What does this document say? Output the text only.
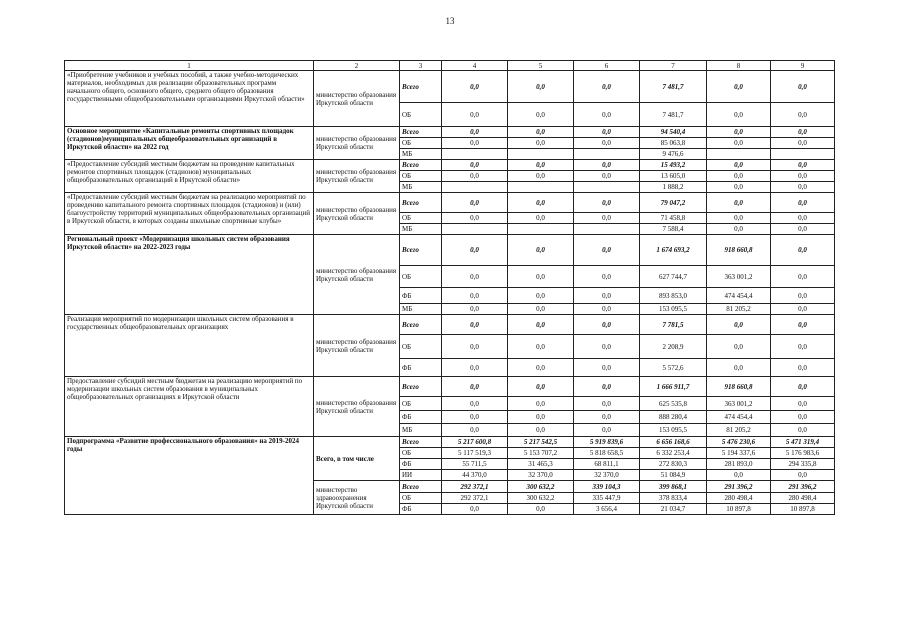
13
1	2	3	4	5	6	7	8	9
«Приобретение учебников и учебных пособий, а также учебно-методических материалов, необходимых для реализации образовательных программ начального общего, основного общего, среднего общего образования государственными общеобразовательными организациями Иркутской области»	министерство образования Иркутской области	Всего	0,0	0,0	0,0	7 481,7	0,0	0,0
		ОБ	0,0	0,0	0,0	7 481,7	0,0	0,0
Основное мероприятие «Капитальные ремонты спортивных площадок (стадионов)муниципальных общеобразовательных организаций в Иркутской области» на 2022 год	министерство образования Иркутской области	Всего	0,0	0,0	0,0	94 540,4	0,0	0,0
		ОБ	0,0	0,0	0,0	85 063,8	0,0	0,0
		МБ				9 476,6		
«Предоставление субсидий местным бюджетам на проведение капитальных ремонтов спортивных площадок (стадионов) муниципальных общеобразовательных организаций в Иркутской области»	министерство образования Иркутской области	Всего	0,0	0,0	0,0	15 493,2	0,0	0,0
		ОБ	0,0	0,0	0,0	13 605,0	0,0	0,0
		МБ				1 888,2	0,0	0,0
«Предоставление субсидий местным бюджетам на реализацию мероприятий по проведению капитального ремонта спортивных площадок (стадионов) и (или) благоустройству территорий муниципальных общеобразовательных организаций в Иркутской области, в которых созданы школьные спортивные клубы»	министерство образования Иркутской области	Всего	0,0	0,0	0,0	79 047,2	0,0	0,0
		ОБ	0,0	0,0	0,0	71 458,8	0,0	0,0
		МБ				7 588,4	0,0	0,0
Региональный проект «Модернизация школьных систем образования Иркутской области» на 2022-2023 годы	министерство образования Иркутской области	Всего	0,0	0,0	0,0	1 674 693,2	918 660,8	0,0
		ОБ	0,0	0,0	0,0	627 744,7	363 001,2	0,0
		ФБ	0,0	0,0	0,0	893 853,0	474 454,4	0,0
		МБ	0,0	0,0	0,0	153 095,5	81 205,2	0,0
Реализация мероприятий по модернизации школьных систем образования в государственных общеобразовательных организациях	министерство образования Иркутской области	Всего	0,0	0,0	0,0	7 781,5	0,0	0,0
		ОБ	0,0	0,0	0,0	2 208,9	0,0	0,0
		ФБ	0,0	0,0	0,0	5 572,6	0,0	0,0
Предоставление субсидий местным бюджетам на реализацию мероприятий по модернизации школьных систем образования в муниципальных общеобразовательных организациях в Иркутской области	министерство образования Иркутской области	Всего	0,0	0,0	0,0	1 666 911,7	918 660,8	0,0
		ОБ	0,0	0,0	0,0	625 535,8	363 001,2	0,0
		ФБ	0,0	0,0	0,0	888 280,4	474 454,4	0,0
		МБ	0,0	0,0	0,0	153 095,5	81 205,2	0,0
Подпрограмма «Развитие профессионального образования» на 2019-2024 годы	Всего, в том числе	Всего	5 217 600,8	5 217 542,5	5 919 839,6	6 656 168,6	5 476 230,6	5 471 319,4
		ОБ	5 117 519,3	5 153 707,2	5 818 658,5	6 332 253,4	5 194 337,6	5 176 983,6
		ФБ	55 711,5	31 465,3	68 811,1	272 830,3	281 893,0	294 335,8
		ИИ	44 370,0	32 370,0	32 370,0	51 084,9	0,0	0,0
	министерство здравоохранения Иркутской области	Всего	292 372,1	300 632,2	339 104,3	399 868,1	291 396,2	291 396,2
		ОБ	292 372,1	300 632,2	335 447,9	378 833,4	280 498,4	280 498,4
		ФБ	0,0	0,0	3 656,4	21 034,7	10 897,8	10 897,8
